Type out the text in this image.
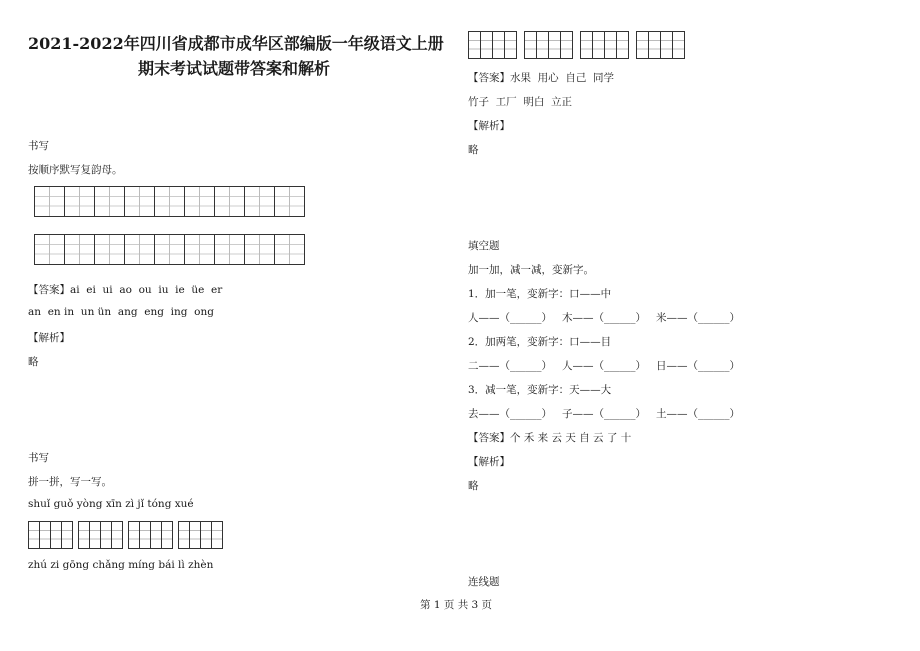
2021-2022年四川省成都市成华区部编版一年级语文上册
期末考试试题带答案和解析
书写
按顺序默写复韵母。
【答案】ai  ei  ui  ao  ou  iu  ie  üe  er
an  en in  un ün  ang  eng  ing  ong
【解析】
略
书写
拼一拼，写一写。
shuǐ guǒ yòng xīn zì jǐ tóng xué
zhú zi gōng chǎng míng bái lì zhèn
【答案】水果  用心  自己  同学
竹子  工厂  明白  立正
【解析】
略
填空题
加一加，减一减，变新字。
1．加一笔，变新字：口——中
人——（______） 木——（______） 米——（______）
2．加两笔，变新字：口——目
二——（______） 人——（______） 日——（______）
3．减一笔，变新字：天——大
去——（______） 子——（______） 土——（______）
【答案】个 禾 来 云 天 自 云 了 十
【解析】
略
连线题
第 1 页 共 3 页
